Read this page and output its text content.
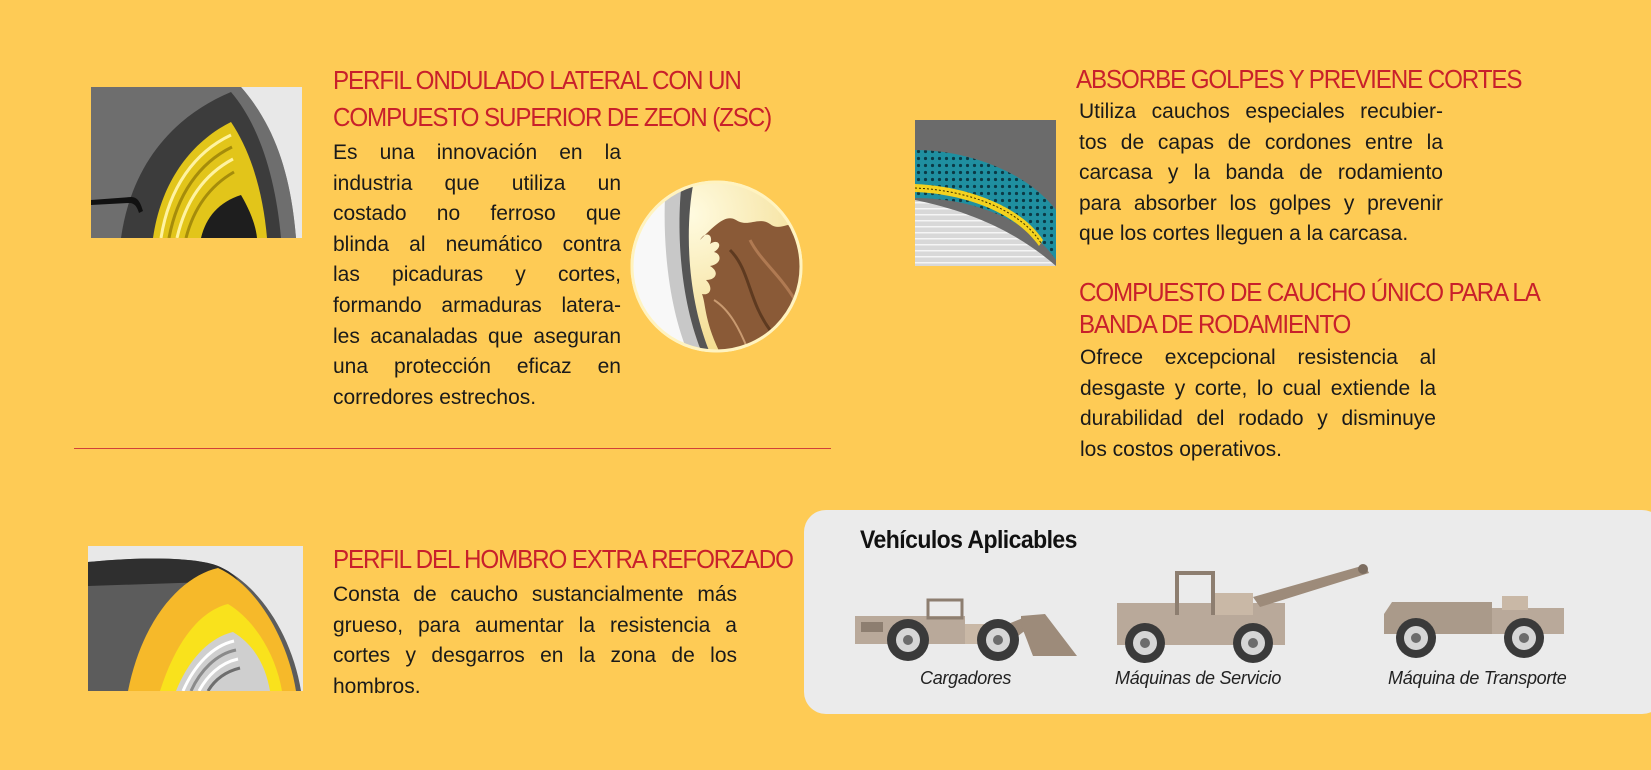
PERFIL ONDULADO LATERAL CON UN
COMPUESTO SUPERIOR DE ZEON (ZSC)

Es una innovación en la

industria que utiliza un

costado no ferroso que

blinda al neumático contra

las picaduras y cortes,

formando armaduras latera-

les acanaladas que aseguran

una protección eficaz en

corredores estrechos.

ABSORBE GOLPES Y PREVIENE CORTES

Utiliza cauchos especiales recubier-

tos de capas de cordones entre la

carcasa y la banda de rodamiento

para absorber los golpes y prevenir

que los cortes lleguen a la carcasa.

COMPUESTO DE CAUCHO ÚNICO PARA LA
BANDA DE RODAMIENTO

Ofrece excepcional resistencia al

desgaste y corte, lo cual extiende la

durabilidad del rodado y disminuye

los costos operativos.

PERFIL DEL HOMBRO EXTRA REFORZADO

Consta de caucho sustancialmente más

grueso, para aumentar la resistencia a

cortes y desgarros en la zona de los

hombros.

Vehículos Aplicables
Cargadores	Máquinas de Servicio	Máquina de Transporte
